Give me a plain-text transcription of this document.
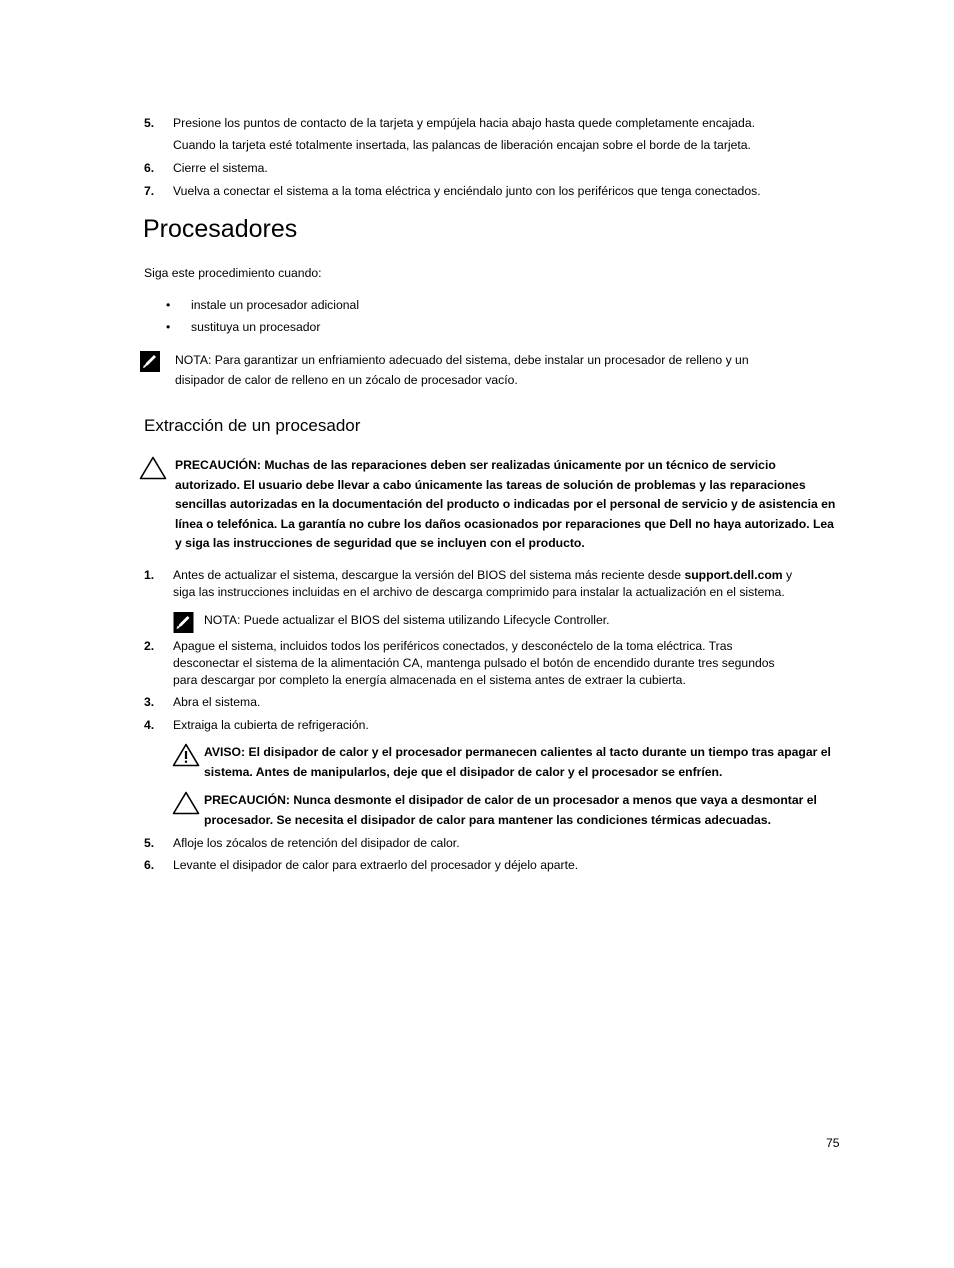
5. Presione los puntos de contacto de la tarjeta y empújela hacia abajo hasta quede completamente encajada.
Cuando la tarjeta esté totalmente insertada, las palancas de liberación encajan sobre el borde de la tarjeta.
6. Cierre el sistema.
7. Vuelva a conectar el sistema a la toma eléctrica y enciéndalo junto con los periféricos que tenga conectados.
Procesadores
Siga este procedimiento cuando:
• instale un procesador adicional
• sustituya un procesador
NOTA: Para garantizar un enfriamiento adecuado del sistema, debe instalar un procesador de relleno y un
disipador de calor de relleno en un zócalo de procesador vacío.
Extracción de un procesador
PRECAUCIÓN: Muchas de las reparaciones deben ser realizadas únicamente por un técnico de servicio
autorizado. El usuario debe llevar a cabo únicamente las tareas de solución de problemas y las reparaciones
sencillas autorizadas en la documentación del producto o indicadas por el personal de servicio y de asistencia en
línea o telefónica. La garantía no cubre los daños ocasionados por reparaciones que Dell no haya autorizado. Lea
y siga las instrucciones de seguridad que se incluyen con el producto.
1. Antes de actualizar el sistema, descargue la versión del BIOS del sistema más reciente desde support.dell.com y
siga las instrucciones incluidas en el archivo de descarga comprimido para instalar la actualización en el sistema.
NOTA: Puede actualizar el BIOS del sistema utilizando Lifecycle Controller.
2. Apague el sistema, incluidos todos los periféricos conectados, y desconéctelo de la toma eléctrica. Tras
desconectar el sistema de la alimentación CA, mantenga pulsado el botón de encendido durante tres segundos
para descargar por completo la energía almacenada en el sistema antes de extraer la cubierta.
3. Abra el sistema.
4. Extraiga la cubierta de refrigeración.
AVISO: El disipador de calor y el procesador permanecen calientes al tacto durante un tiempo tras apagar el
sistema. Antes de manipularlos, deje que el disipador de calor y el procesador se enfríen.
PRECAUCIÓN: Nunca desmonte el disipador de calor de un procesador a menos que vaya a desmontar el
procesador. Se necesita el disipador de calor para mantener las condiciones térmicas adecuadas.
5. Afloje los zócalos de retención del disipador de calor.
6. Levante el disipador de calor para extraerlo del procesador y déjelo aparte.
75
